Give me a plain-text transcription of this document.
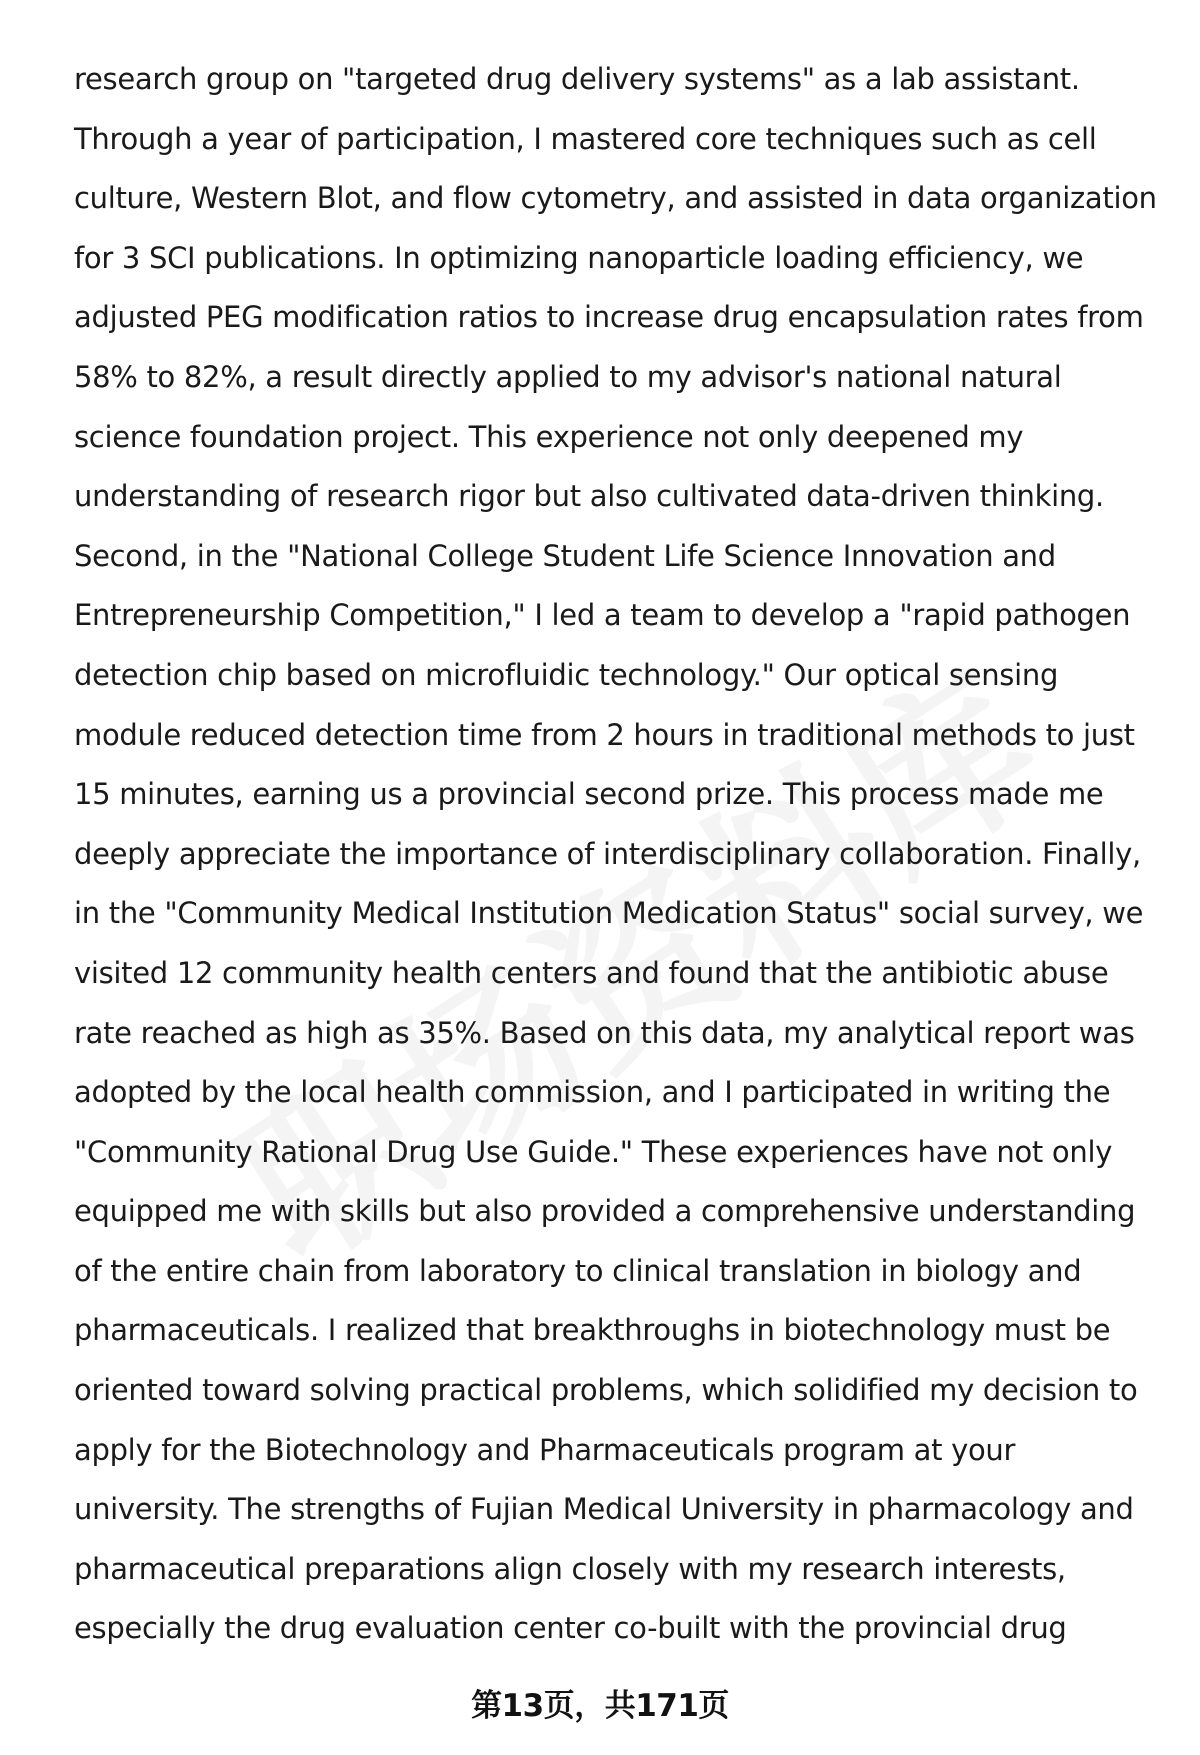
research group on "targeted drug delivery systems" as a lab assistant.
Through a year of participation, I mastered core techniques such as cell
culture, Western Blot, and flow cytometry, and assisted in data organization
for 3 SCI publications. In optimizing nanoparticle loading efficiency, we
adjusted PEG modification ratios to increase drug encapsulation rates from
58% to 82%, a result directly applied to my advisor's national natural
science foundation project. This experience not only deepened my
understanding of research rigor but also cultivated data-driven thinking.
Second, in the "National College Student Life Science Innovation and
Entrepreneurship Competition," I led a team to develop a "rapid pathogen
detection chip based on microfluidic technology." Our optical sensing
module reduced detection time from 2 hours in traditional methods to just
15 minutes, earning us a provincial second prize. This process made me
deeply appreciate the importance of interdisciplinary collaboration. Finally,
in the "Community Medical Institution Medication Status" social survey, we
visited 12 community health centers and found that the antibiotic abuse
rate reached as high as 35%. Based on this data, my analytical report was
adopted by the local health commission, and I participated in writing the
"Community Rational Drug Use Guide." These experiences have not only
equipped me with skills but also provided a comprehensive understanding
of the entire chain from laboratory to clinical translation in biology and
pharmaceuticals. I realized that breakthroughs in biotechnology must be
oriented toward solving practical problems, which solidified my decision to
apply for the Biotechnology and Pharmaceuticals program at your
university. The strengths of Fujian Medical University in pharmacology and
pharmaceutical preparations align closely with my research interests,
especially the drug evaluation center co-built with the provincial drug
第13页，共171页
